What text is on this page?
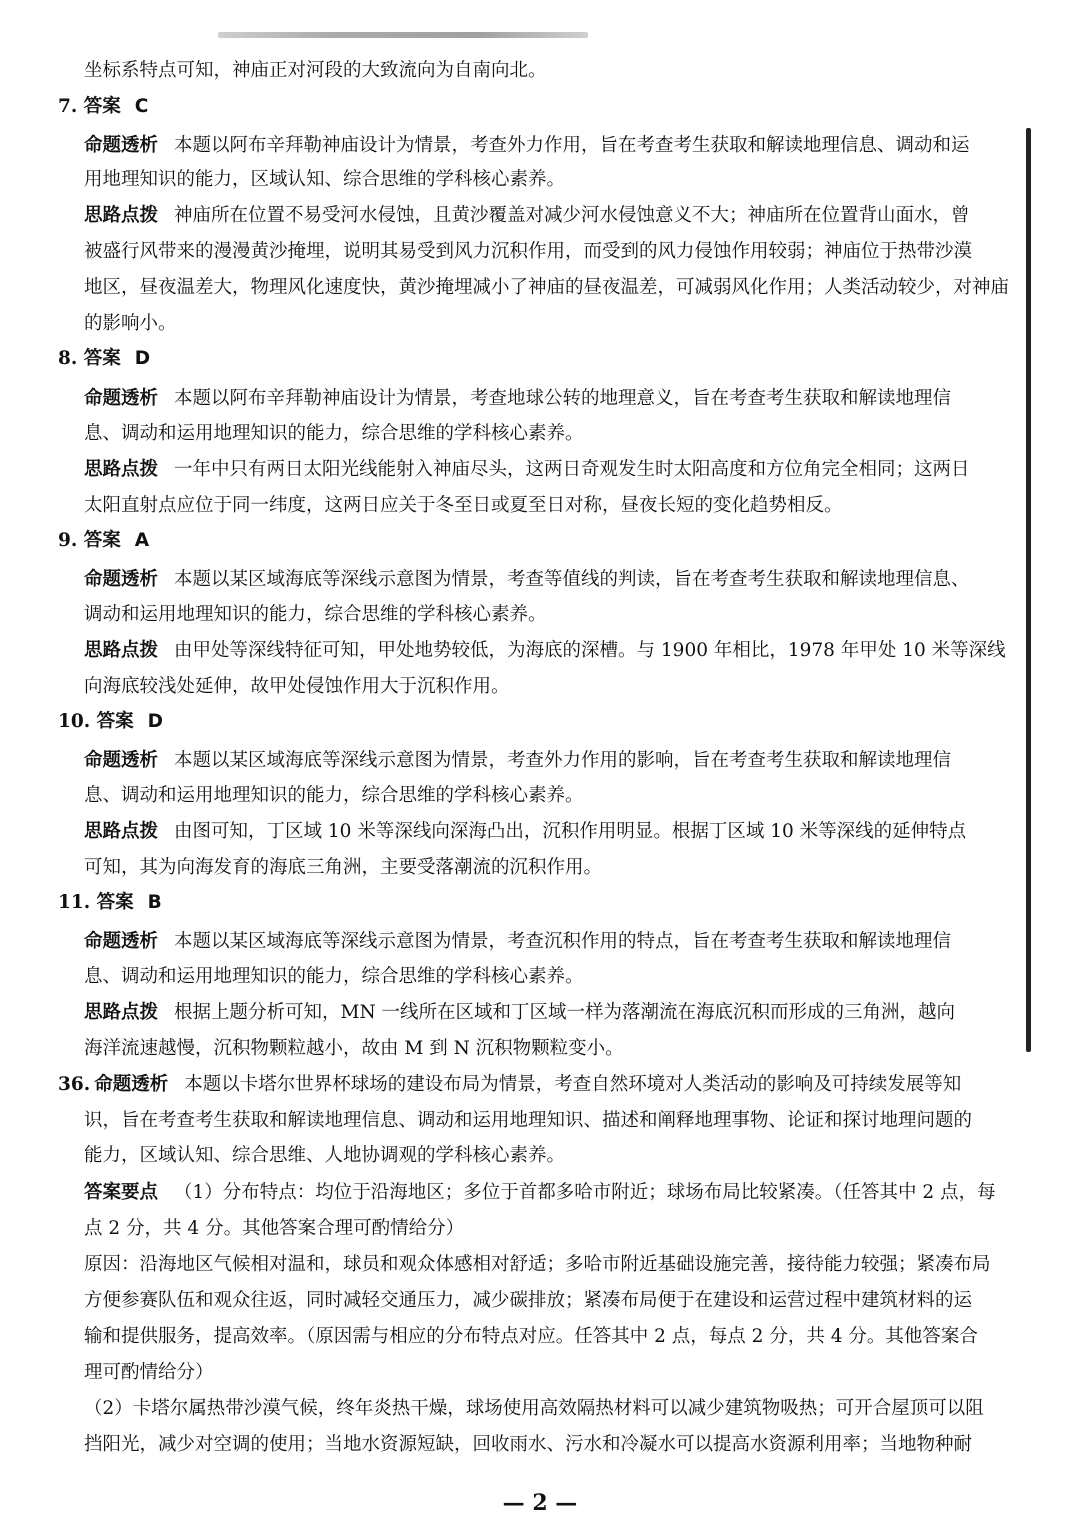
坐标系特点可知，神庙正对河段的大致流向为自南向北。
7. 答案 C
命题透析 本题以阿布辛拜勒神庙设计为情景，考查外力作用，旨在考查考生获取和解读地理信息、调动和运
用地理知识的能力，区域认知、综合思维的学科核心素养。
思路点拨 神庙所在位置不易受河水侵蚀，且黄沙覆盖对减少河水侵蚀意义不大；神庙所在位置背山面水，曾
被盛行风带来的漫漫黄沙掩埋，说明其易受到风力沉积作用，而受到的风力侵蚀作用较弱；神庙位于热带沙漠
地区，昼夜温差大，物理风化速度快，黄沙掩埋减小了神庙的昼夜温差，可减弱风化作用；人类活动较少，对神庙
的影响小。
8. 答案 D
命题透析 本题以阿布辛拜勒神庙设计为情景，考查地球公转的地理意义，旨在考查考生获取和解读地理信
息、调动和运用地理知识的能力，综合思维的学科核心素养。
思路点拨 一年中只有两日太阳光线能射入神庙尽头，这两日奇观发生时太阳高度和方位角完全相同；这两日
太阳直射点应位于同一纬度，这两日应关于冬至日或夏至日对称，昼夜长短的变化趋势相反。
9. 答案 A
命题透析 本题以某区域海底等深线示意图为情景，考查等值线的判读，旨在考查考生获取和解读地理信息、
调动和运用地理知识的能力，综合思维的学科核心素养。
思路点拨 由甲处等深线特征可知，甲处地势较低，为海底的深槽。与 1900 年相比，1978 年甲处 10 米等深线
向海底较浅处延伸，故甲处侵蚀作用大于沉积作用。
10. 答案 D
命题透析 本题以某区域海底等深线示意图为情景，考查外力作用的影响，旨在考查考生获取和解读地理信
息、调动和运用地理知识的能力，综合思维的学科核心素养。
思路点拨 由图可知，丁区域 10 米等深线向深海凸出，沉积作用明显。根据丁区域 10 米等深线的延伸特点
可知，其为向海发育的海底三角洲，主要受落潮流的沉积作用。
11. 答案 B
命题透析 本题以某区域海底等深线示意图为情景，考查沉积作用的特点，旨在考查考生获取和解读地理信
息、调动和运用地理知识的能力，综合思维的学科核心素养。
思路点拨 根据上题分析可知，MN 一线所在区域和丁区域一样为落潮流在海底沉积而形成的三角洲，越向
海洋流速越慢，沉积物颗粒越小，故由 M 到 N 沉积物颗粒变小。
36. 命题透析 本题以卡塔尔世界杯球场的建设布局为情景，考查自然环境对人类活动的影响及可持续发展等知
识，旨在考查考生获取和解读地理信息、调动和运用地理知识、描述和阐释地理事物、论证和探讨地理问题的
能力，区域认知、综合思维、人地协调观的学科核心素养。
答案要点 （1）分布特点：均位于沿海地区；多位于首都多哈市附近；球场布局比较紧凑。（任答其中 2 点，每
点 2 分，共 4 分。其他答案合理可酌情给分）
原因：沿海地区气候相对温和，球员和观众体感相对舒适；多哈市附近基础设施完善，接待能力较强；紧凑布局
方便参赛队伍和观众往返，同时减轻交通压力，减少碳排放；紧凑布局便于在建设和运营过程中建筑材料的运
输和提供服务，提高效率。（原因需与相应的分布特点对应。任答其中 2 点，每点 2 分，共 4 分。其他答案合
理可酌情给分）
（2）卡塔尔属热带沙漠气候，终年炎热干燥，球场使用高效隔热材料可以减少建筑物吸热；可开合屋顶可以阻
挡阳光，减少对空调的使用；当地水资源短缺，回收雨水、污水和冷凝水可以提高水资源利用率；当地物种耐
— 2 —
